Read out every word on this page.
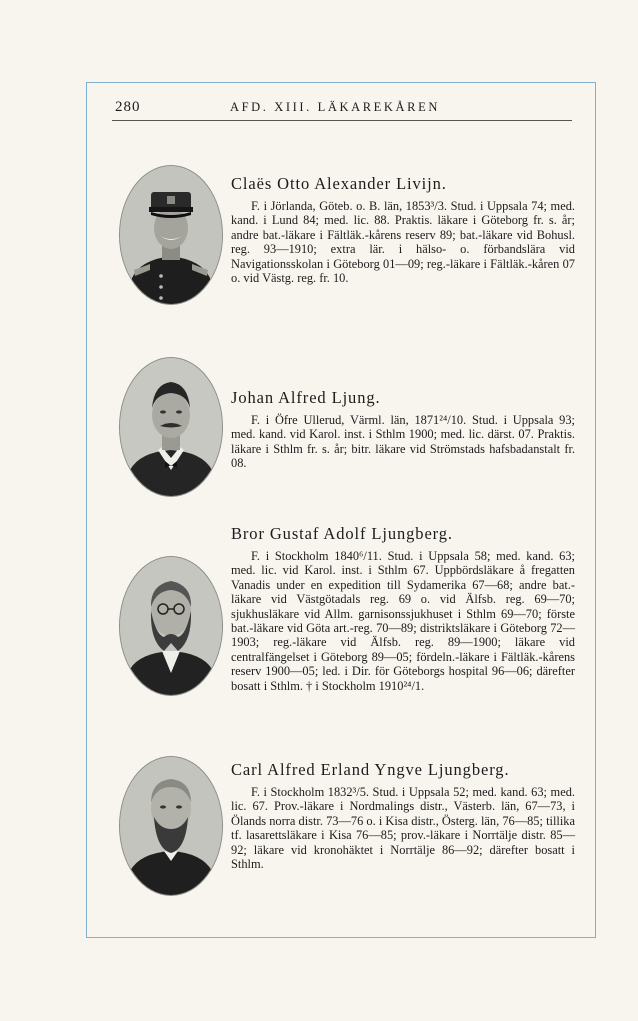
280	AFD. XIII. LÄKAREKÅREN

Claës Otto Alexander Livijn.

F. i Jörlanda, Göteb. o. B. län, 1853³/3. Stud. i Uppsala 74; med. kand. i Lund 84; med. lic. 88. Praktis. läkare i Göteborg fr. s. år; andre bat.-läkare i Fältläk.-kårens reserv 89; bat.-läkare vid Bohusl. reg. 93—1910; extra lär. i hälso- o. förbandslära vid Navigationsskolan i Göteborg 01—09; reg.-läkare i Fältläk.-kåren 07 o. vid Västg. reg. fr. 10.

Johan Alfred Ljung.

F. i Öfre Ullerud, Värml. län, 1871²⁴/10. Stud. i Uppsala 93; med. kand. vid Karol. inst. i Sthlm 1900; med. lic. därst. 07. Praktis. läkare i Sthlm fr. s. år; bitr. läkare vid Strömstads hafsbadanstalt fr. 08.

Bror Gustaf Adolf Ljungberg.

F. i Stockholm 1840⁶/11. Stud. i Uppsala 58; med. kand. 63; med. lic. vid Karol. inst. i Sthlm 67. Uppbördsläkare å fregatten Vanadis under en expedition till Sydamerika 67—68; andre bat.-läkare vid Västgötadals reg. 69 o. vid Älfsb. reg. 69—70; sjukhusläkare vid Allm. garnisonssjukhuset i Sthlm 69—70; förste bat.-läkare vid Göta art.-reg. 70—89; distriktsläkare i Göteborg 72—1903; reg.-läkare vid Älfsb. reg. 89—1900; läkare vid centralfängelset i Göteborg 89—05; fördeln.-läkare i Fältläk.-kårens reserv 1900—05; led. i Dir. för Göteborgs hospital 96—06; därefter bosatt i Sthlm. † i Stockholm 1910²⁴/1.

Carl Alfred Erland Yngve Ljungberg.

F. i Stockholm 1832³/5. Stud. i Uppsala 52; med. kand. 63; med. lic. 67. Prov.-läkare i Nordmalings distr., Västerb. län, 67—73, i Ölands norra distr. 73—76 o. i Kisa distr., Österg. län, 76—85; tillika tf. lasarettsläkare i Kisa 76—85; prov.-läkare i Norrtälje distr. 85—92; läkare vid kronohäktet i Norrtälje 86—92; därefter bosatt i Sthlm.
